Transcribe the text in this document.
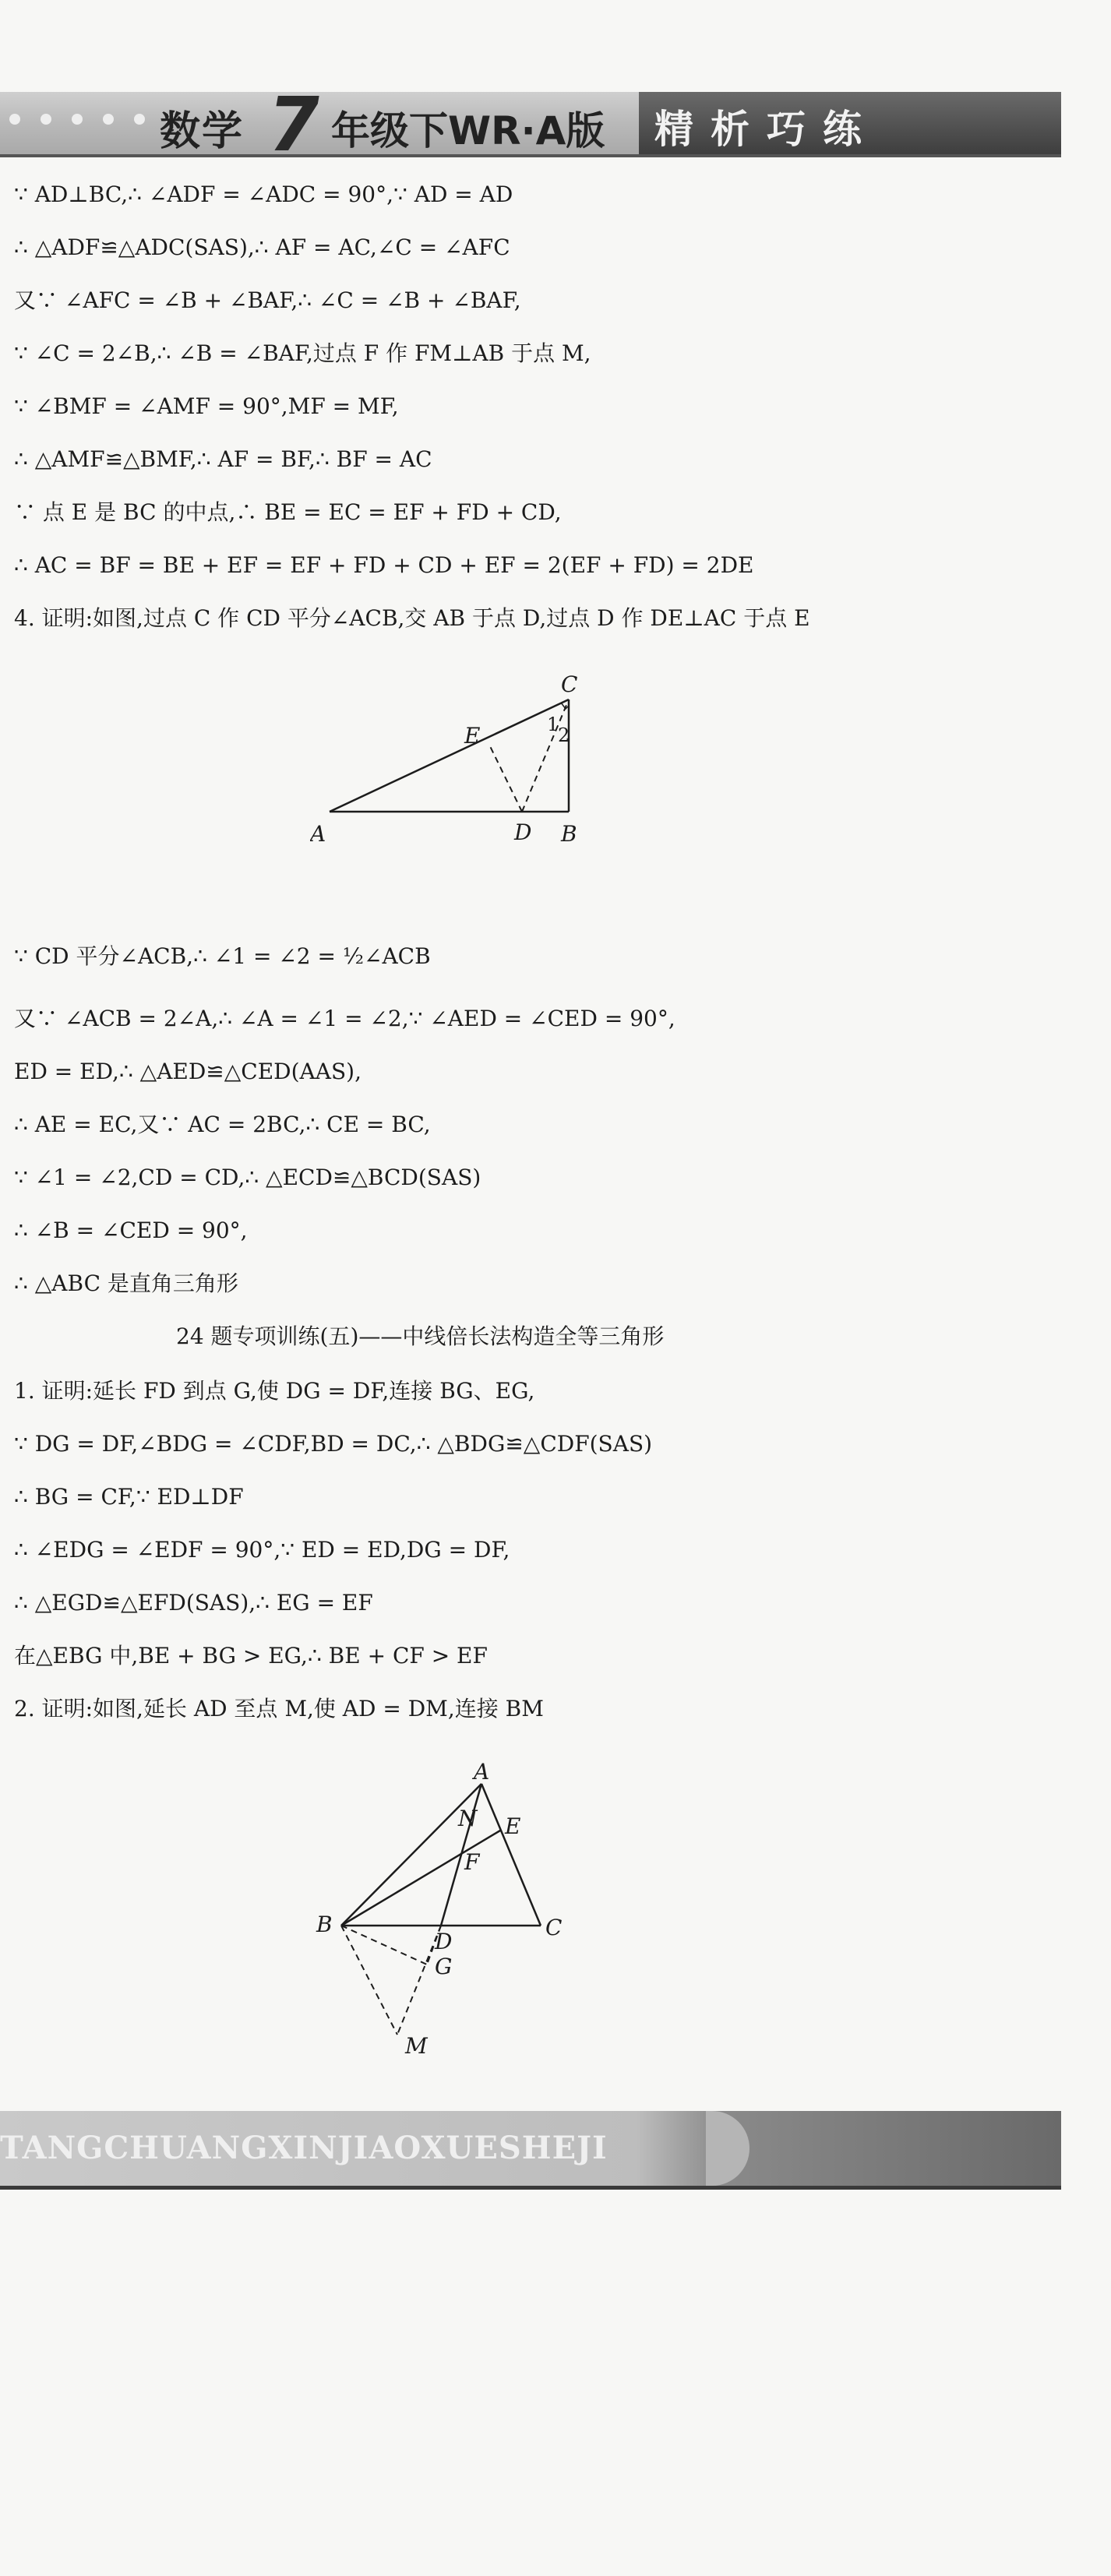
数学 7 年级下WR·A版 精析巧练
∵ AD⊥BC,∴ ∠ADF = ∠ADC = 90°,∵ AD = AD
∴ △ADF≌△ADC(SAS),∴ AF = AC,∠C = ∠AFC
又∵ ∠AFC = ∠B + ∠BAF,∴ ∠C = ∠B + ∠BAF,
∵ ∠C = 2∠B,∴ ∠B = ∠BAF,过点 F 作 FM⊥AB 于点 M,
∵ ∠BMF = ∠AMF = 90°,MF = MF,
∴ △AMF≌△BMF,∴ AF = BF,∴ BF = AC
∵ 点 E 是 BC 的中点,∴ BE = EC = EF + FD + CD,
∴ AC = BF = BE + EF = EF + FD + CD + EF = 2(EF + FD) = 2DE
4. 证明:如图,过点 C 作 CD 平分∠ACB,交 AB 于点 D,过点 D 作 DE⊥AC 于点 E
A	B
C
D
E	1
2
∵ CD 平分∠ACB,∴ ∠1 = ∠2 = ½∠ACB
又∵ ∠ACB = 2∠A,∴ ∠A = ∠1 = ∠2,∵ ∠AED = ∠CED = 90°,
ED = ED,∴ △AED≌△CED(AAS),
∴ AE = EC,又∵ AC = 2BC,∴ CE = BC,
∵ ∠1 = ∠2,CD = CD,∴ △ECD≌△BCD(SAS)
∴ ∠B = ∠CED = 90°,
∴ △ABC 是直角三角形
24 题专项训练(五)——中线倍长法构造全等三角形
1. 证明:延长 FD 到点 G,使 DG = DF,连接 BG、EG,
∵ DG = DF,∠BDG = ∠CDF,BD = DC,∴ △BDG≌△CDF(SAS)
∴ BG = CF,∵ ED⊥DF
∴ ∠EDG = ∠EDF = 90°,∵ ED = ED,DG = DF,
∴ △EGD≌△EFD(SAS),∴ EG = EF
在△EBG 中,BE + BG > EG,∴ BE + CF > EF
2. 证明:如图,延长 AD 至点 M,使 AD = DM,连接 BM
A
N E
F
B
D
C
G
M
TANGCHUANGXINJIAOXUESHEJI
